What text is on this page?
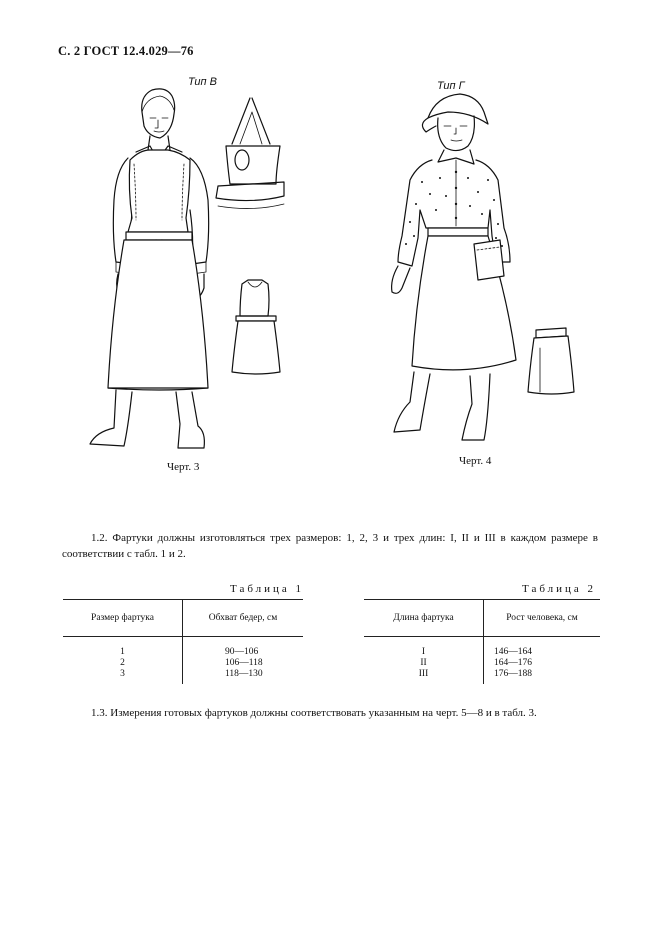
С. 2 ГОСТ 12.4.029—76
Тип В
Черт. 3
Тип Г
Черт. 4
1.2. Фартуки должны изготовляться трех размеров: 1, 2, 3 и трех длин: I, II и III в каждом размере в соответствии с табл. 1 и 2.
Таблица 1
Размер фартука	Обхват бедер, см
1	90—106
2	106—118
3	118—130
Таблица 2
Длина фартука	Рост человека, см
I	146—164
II	164—176
III	176—188
1.3. Измерения готовых фартуков должны соответствовать указанным на черт. 5—8 и в табл. 3.
